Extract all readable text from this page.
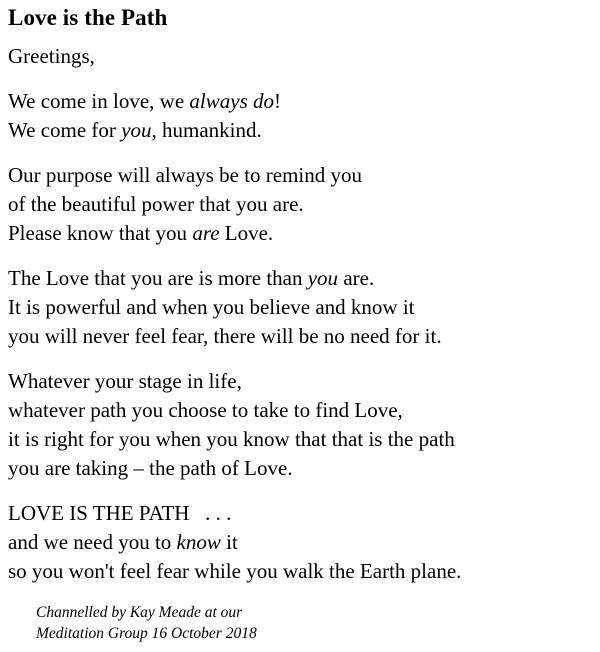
Love is the Path

Greetings,

We come in love, we always do!
We come for you, humankind.

Our purpose will always be to remind you
of the beautiful power that you are.
Please know that you are Love.

The Love that you are is more than you are.
It is powerful and when you believe and know it
you will never feel fear, there will be no need for it.

Whatever your stage in life,
whatever path you choose to take to find Love,
it is right for you when you know that that is the path
you are taking – the path of Love.

LOVE IS THE PATH   . . .
and we need you to know it
so you won't feel fear while you walk the Earth plane.

Channelled by Kay Meade at our
Meditation Group 16 October 2018
